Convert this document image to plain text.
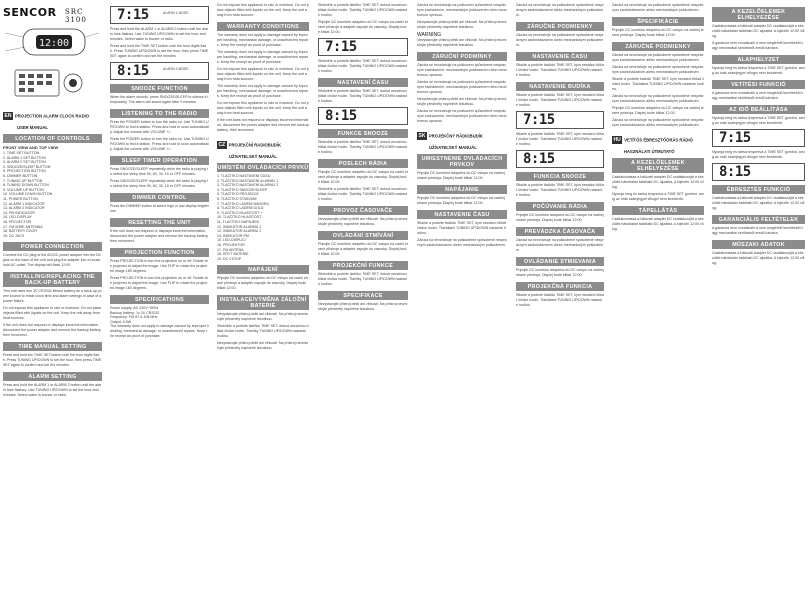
SENCOR SRC 3100
12:00

EN PROJECTION ALARM CLOCK RADIO
USER MANUAL
LOCATION OF CONTROLS
FRONT VIEW AND TOP VIEW

1. TIME SET BUTTON

2. ALARM 1 SET BUTTON

3. ALARM 2 SET BUTTON

4. SNOOZE/SLEEP BUTTON

5. PROJECTION BUTTON

6. DIMMER BUTTON

7. TUNING UP BUTTON

8. TUNING DOWN BUTTON

9. VOLUME UP BUTTON

10. VOLUME DOWN BUTTON

11. POWER BUTTON

12. ALARM 1 INDICATOR

13. ALARM 2 INDICATOR

14. PM INDICATOR

15. LED DISPLAY

16. PROJECTOR

17. FM WIRE ANTENNA

18. BATTERY DOOR

19. DC JACK

POWER CONNECTION

Connect the DC plug of the AC/DC power adapter into the DC jack on the back of the unit and plug the adapter into a household AC outlet. The display will flash 12:00.

INSTALLING/REPLACING THE BACK-UP BATTERY

This unit uses one 3V CR2032 lithium battery as a back-up power source to retain clock time and alarm settings in case of a power failure.

Do not expose this appliance to rain or moisture. Do not place objects filled with liquids on the unit. Keep the unit away from heat sources.

If the unit does not respond or displays incorrect information, disconnect the power adapter and remove the backup battery, then reconnect.

TIME MANUAL SETTING

Press and hold the TIME SET button until the hour digits flash. Press TUNING UP/DOWN to set the hour, then press TIME SET again to confirm and set the minutes.

ALARM SETTING

Press and hold the ALARM 1 or ALARM 2 button until the alarm time flashes. Use TUNING UP/DOWN to set the hour and minutes. Select wake to buzzer or radio.

7:15	ALARM 1 MODE

Press and hold the ALARM 1 or ALARM 2 button until the alarm time flashes. Use TUNING UP/DOWN to set the hour and minutes. Select wake to buzzer or radio.

Press and hold the TIME SET button until the hour digits flash. Press TUNING UP/DOWN to set the hour, then press TIME SET again to confirm and set the minutes.

8:15	ALARM 2 MODE
SNOOZE FUNCTION

When the alarm sounds, press SNOOZE/SLEEP to silence it temporarily. The alarm will sound again after 9 minutes.

LISTENING TO THE RADIO

Press the POWER button to turn the radio on. Use TUNING UP/DOWN to find a station. Press and hold to scan automatically. Adjust the volume with VOLUME +/-.

Press the POWER button to turn the radio on. Use TUNING UP/DOWN to find a station. Press and hold to scan automatically. Adjust the volume with VOLUME +/-.

SLEEP TIMER OPERATION

Press SNOOZE/SLEEP repeatedly while the radio is playing to select the sleep time 90, 60, 30, 15 or OFF minutes.

Press SNOOZE/SLEEP repeatedly while the radio is playing to select the sleep time 90, 60, 30, 15 or OFF minutes.

DIMMER CONTROL

Press the DIMMER button to select high or low display brightness.

RESETTING THE UNIT

If the unit does not respond or displays incorrect information, disconnect the power adapter and remove the backup battery, then reconnect.

PROJECTION FUNCTION

Press PROJECTION to turn the projection on or off. Rotate the projector to adjust the image. Use FLIP to rotate the projected image 180 degrees.

Press PROJECTION to turn the projection on or off. Rotate the projector to adjust the image. Use FLIP to rotate the projected image 180 degrees.

SPECIFICATIONS

Power supply: AC 230V~50Hz

Backup battery: 1x 3V CR2032

Frequency: FM 87.5-108 MHz

Output: 0.5W

The warranty does not apply to damage caused by improper handling, mechanical damage, or unauthorized repairs. Keep the receipt as proof of purchase.

Do not expose this appliance to rain or moisture. Do not place objects filled with liquids on the unit. Keep the unit away from heat sources.

WARRANTY CONDITIONS

The warranty does not apply to damage caused by improper handling, mechanical damage, or unauthorized repairs. Keep the receipt as proof of purchase.

The warranty does not apply to damage caused by improper handling, mechanical damage, or unauthorized repairs. Keep the receipt as proof of purchase.

Do not expose this appliance to rain or moisture. Do not place objects filled with liquids on the unit. Keep the unit away from heat sources.

The warranty does not apply to damage caused by improper handling, mechanical damage, or unauthorized repairs. Keep the receipt as proof of purchase.

Do not expose this appliance to rain or moisture. Do not place objects filled with liquids on the unit. Keep the unit away from heat sources.

If the unit does not respond or displays incorrect information, disconnect the power adapter and remove the backup battery, then reconnect.

CZ PROJEKČNÍ RADIOBUDÍK
UŽIVATELSKÝ MANUÁL
UMÍSTĚNÍ OVLÁDACÍCH PRVKŮ

1. TLAČÍTKO NASTAVENÍ ČASU

2. TLAČÍTKO NASTAVENÍ ALARMU 1

3. TLAČÍTKO NASTAVENÍ ALARMU 2

4. TLAČÍTKO SNOOZE/SLEEP

5. TLAČÍTKO PROJEKCE

6. TLAČÍTKO STMÍVÁNÍ

7. TLAČÍTKO LADĚNÍ NAHORU

8. TLAČÍTKO LADĚNÍ DOLŮ

9. TLAČÍTKO HLASITOST +

10. TLAČÍTKO HLASITOST -

11. TLAČÍTKO NAPÁJENÍ

12. INDIKÁTOR ALARMU 1

13. INDIKÁTOR ALARMU 2

14. INDIKÁTOR PM

15. LED DISPLEJ

16. PROJEKTOR

17. FM ANTÉNA

18. KRYT BATERIE

19. DC VSTUP

NAPÁJENÍ

Připojte DC konektor adaptéru do DC vstupu na zadní straně přístroje a adaptér zapojte do zásuvky. Displej bude blikat 12:00.

INSTALACE/VÝMĚNA ZÁLOŽNÍ BATERIE

Nevystavujte přístroj dešti ani vlhkosti. Na přístroj neumisťujte předměty naplněné tekutinou.

Stiskněte a podržte tlačítko TIME SET, dokud nezačnou blikat číslice hodin. Tlačítky TUNING UP/DOWN nastavte hodinu.

Nevystavujte přístroj dešti ani vlhkosti. Na přístroj neumisťujte předměty naplněné tekutinou.

Stiskněte a podržte tlačítko TIME SET, dokud nezačnou blikat číslice hodin. Tlačítky TUNING UP/DOWN nastavte hodinu.

Připojte DC konektor adaptéru do DC vstupu na zadní straně přístroje a adaptér zapojte do zásuvky. Displej bude blikat 12:00.

7:15

Stiskněte a podržte tlačítko TIME SET, dokud nezačnou blikat číslice hodin. Tlačítky TUNING UP/DOWN nastavte hodinu.

NASTAVENÍ ČASU

Stiskněte a podržte tlačítko TIME SET, dokud nezačnou blikat číslice hodin. Tlačítky TUNING UP/DOWN nastavte hodinu.

8:15
FUNKCE SNOOZE

Stiskněte a podržte tlačítko TIME SET, dokud nezačnou blikat číslice hodin. Tlačítky TUNING UP/DOWN nastavte hodinu.

POSLECH RÁDIA

Připojte DC konektor adaptéru do DC vstupu na zadní straně přístroje a adaptér zapojte do zásuvky. Displej bude blikat 12:00.

Stiskněte a podržte tlačítko TIME SET, dokud nezačnou blikat číslice hodin. Tlačítky TUNING UP/DOWN nastavte hodinu.

PROVOZ ČASOVAČE

Nevystavujte přístroj dešti ani vlhkosti. Na přístroj neumisťujte předměty naplněné tekutinou.

OVLÁDÁNÍ STMÍVÁNÍ

Připojte DC konektor adaptéru do DC vstupu na zadní straně přístroje a adaptér zapojte do zásuvky. Displej bude blikat 12:00.

PROJEKČNÍ FUNKCE

Stiskněte a podržte tlačítko TIME SET, dokud nezačnou blikat číslice hodin. Tlačítky TUNING UP/DOWN nastavte hodinu.

SPECIFIKACE

Nevystavujte přístroj dešti ani vlhkosti. Na přístroj neumisťujte předměty naplněné tekutinou.

Záruka se nevztahuje na poškození způsobené nesprávným zacházením, mechanickým poškozením nebo neodbornou opravou.

Nevystavujte přístroj dešti ani vlhkosti. Na přístroj neumisťujte předměty naplněné tekutinou.

WARNING

Nevystavujte přístroj dešti ani vlhkosti. Na přístroj neumisťujte předměty naplněné tekutinou.

ZÁRUČNÍ PODMÍNKY

Záruka se nevztahuje na poškození způsobené nesprávným zacházením, mechanickým poškozením nebo neodbornou opravou.

Záruka se nevztahuje na poškození způsobené nesprávným zacházením, mechanickým poškozením nebo neodbornou opravou.

Nevystavujte přístroj dešti ani vlhkosti. Na přístroj neumisťujte předměty naplněné tekutinou.

Záruka se nevztahuje na poškození způsobené nesprávným zacházením, mechanickým poškozením nebo neodbornou opravou.

SK PROJEKČNÝ RÁDIOBUDÍK
UŽÍVATEĽSKÝ MANUÁL
UMIESTNENIE OVLÁDACÍCH PRVKOV

Pripojte DC konektor adaptéra do DC vstupu na zadnej strane prístroja. Displej bude blikať 12:00.

NAPÁJANIE

Pripojte DC konektor adaptéra do DC vstupu na zadnej strane prístroja. Displej bude blikať 12:00.

NASTAVENIE ČASU

Stlačte a podržte tlačidlo TIME SET, kým nezačnú blikať číslice hodín. Tlačidlami TUNING UP/DOWN nastavte hodinu.

Záruka sa nevzťahuje na poškodenie spôsobené nesprávnym zaobchádzaním alebo mechanickým poškodením.

Záruka sa nevzťahuje na poškodenie spôsobené nesprávnym zaobchádzaním alebo mechanickým poškodením.

ZÁRUČNÉ PODMIENKY

Záruka sa nevzťahuje na poškodenie spôsobené nesprávnym zaobchádzaním alebo mechanickým poškodením.

NASTAVENIE ČASU

Stlačte a podržte tlačidlo TIME SET, kým nezačnú blikať číslice hodín. Tlačidlami TUNING UP/DOWN nastavte hodinu.

NASTAVENIE BUDÍKA

Stlačte a podržte tlačidlo TIME SET, kým nezačnú blikať číslice hodín. Tlačidlami TUNING UP/DOWN nastavte hodinu.

7:15

Stlačte a podržte tlačidlo TIME SET, kým nezačnú blikať číslice hodín. Tlačidlami TUNING UP/DOWN nastavte hodinu.

8:15
FUNKCIA SNOOZE

Stlačte a podržte tlačidlo TIME SET, kým nezačnú blikať číslice hodín. Tlačidlami TUNING UP/DOWN nastavte hodinu.

POČÚVANIE RÁDIA

Pripojte DC konektor adaptéra do DC vstupu na zadnej strane prístroja. Displej bude blikať 12:00.

PREVÁDZKA ČASOVAČA

Záruka sa nevzťahuje na poškodenie spôsobené nesprávnym zaobchádzaním alebo mechanickým poškodením.

OVLÁDANIE STMIEVANIA

Pripojte DC konektor adaptéra do DC vstupu na zadnej strane prístroja. Displej bude blikať 12:00.

PROJEKČNÁ FUNKCIA

Stlačte a podržte tlačidlo TIME SET, kým nezačnú blikať číslice hodín. Tlačidlami TUNING UP/DOWN nastavte hodinu.

Záruka sa nevzťahuje na poškodenie spôsobené nesprávnym zaobchádzaním alebo mechanickým poškodením.

ŠPECIFIKÁCIE

Pripojte DC konektor adaptéra do DC vstupu na zadnej strane prístroja. Displej bude blikať 12:00.

ZÁRUČNÉ PODMIENKY

Záruka sa nevzťahuje na poškodenie spôsobené nesprávnym zaobchádzaním alebo mechanickým poškodením.

Záruka sa nevzťahuje na poškodenie spôsobené nesprávnym zaobchádzaním alebo mechanickým poškodením.

Stlačte a podržte tlačidlo TIME SET, kým nezačnú blikať číslice hodín. Tlačidlami TUNING UP/DOWN nastavte hodinu.

Záruka sa nevzťahuje na poškodenie spôsobené nesprávnym zaobchádzaním alebo mechanickým poškodením.

Pripojte DC konektor adaptéra do DC vstupu na zadnej strane prístroja. Displej bude blikať 12:00.

Záruka sa nevzťahuje na poškodenie spôsobené nesprávnym zaobchádzaním alebo mechanickým poškodením.

HU VETÍTŐS ÉBRESZTŐÓRÁS RÁDIÓ
HASZNÁLATI ÚTMUTATÓ
A KEZELŐELEMEK ELHELYEZÉSE

Csatlakoztassa a hálózati adapter DC csatlakozóját a készülék hátoldalán található DC aljzatba. A kijelzőn 12:00 villog.

Nyomja meg és tartsa lenyomva a TIME SET gombot, amíg az órák számjegyei villogni nem kezdenek.

TÁPELLÁTÁS

Csatlakoztassa a hálózati adapter DC csatlakozóját a készülék hátoldalán található DC aljzatba. A kijelzőn 12:00 villog.

A KEZELŐELEMEK ELHELYEZÉSE

Csatlakoztassa a hálózati adapter DC csatlakozóját a készülék hátoldalán található DC aljzatba. A kijelzőn 12:00 villog.

A garancia nem vonatkozik a nem megfelelő kezelésből vagy mechanikai sérülésből eredő károkra.

ALAPHELYZET

Nyomja meg és tartsa lenyomva a TIME SET gombot, amíg az órák számjegyei villogni nem kezdenek.

VETÍTÉSI FUNKCIÓ

A garancia nem vonatkozik a nem megfelelő kezelésből vagy mechanikai sérülésből eredő károkra.

AZ IDŐ BEÁLLÍTÁSA

Nyomja meg és tartsa lenyomva a TIME SET gombot, amíg az órák számjegyei villogni nem kezdenek.

7:15

Nyomja meg és tartsa lenyomva a TIME SET gombot, amíg az órák számjegyei villogni nem kezdenek.

8:15
ÉBRESZTÉS FUNKCIÓ

Csatlakoztassa a hálózati adapter DC csatlakozóját a készülék hátoldalán található DC aljzatba. A kijelzőn 12:00 villog.

GARANCIÁLIS FELTÉTELEK

A garancia nem vonatkozik a nem megfelelő kezelésből vagy mechanikai sérülésből eredő károkra.

MŰSZAKI ADATOK

Csatlakoztassa a hálózati adapter DC csatlakozóját a készülék hátoldalán található DC aljzatba. A kijelzőn 12:00 villog.
